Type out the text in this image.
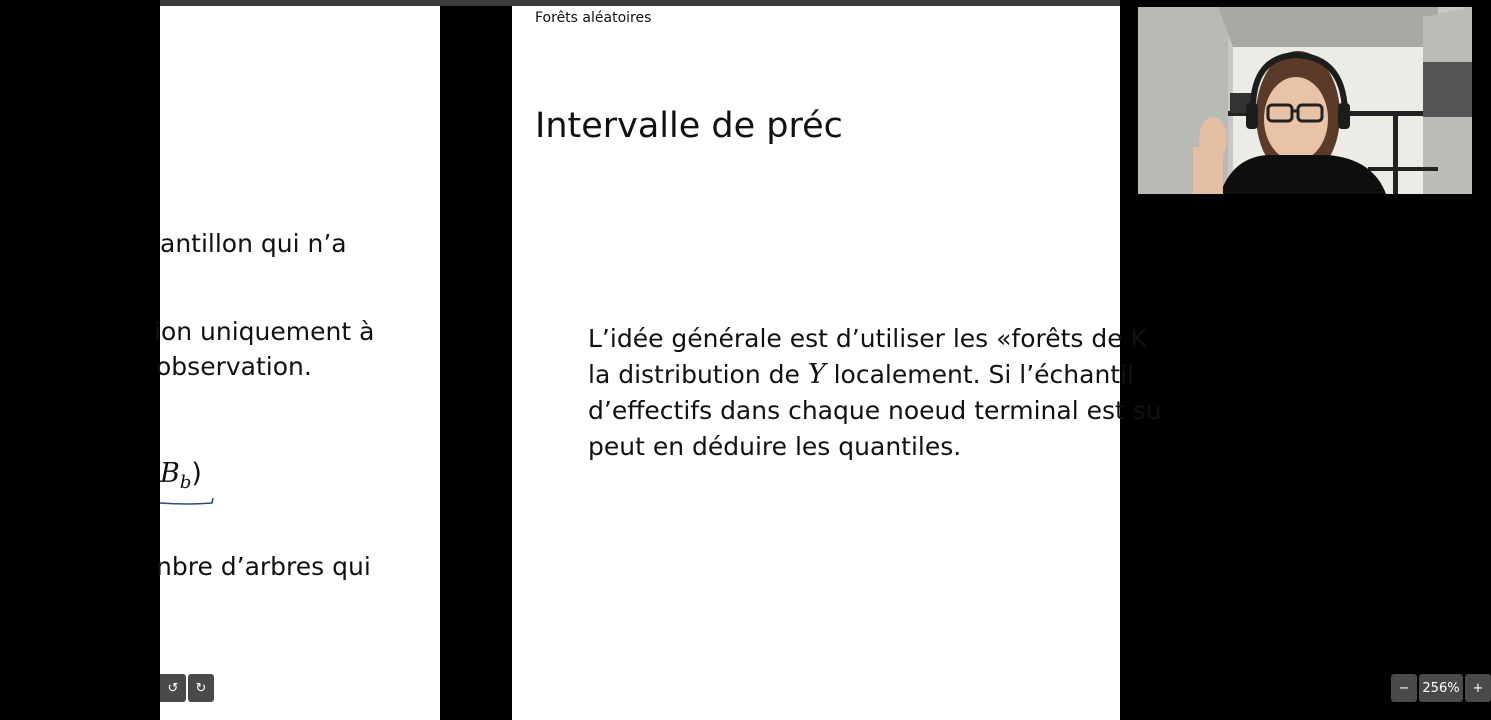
antillon qui n’a
ion uniquement à
observation.
$B_b$)
nbre d’arbres qui
↺ ↻
Forêts aléatoires
Intervalle de préc
L’idée générale est d’utiliser les «forêts de K
la distribution de Y localement. Si l’échantil
d’effectifs dans chaque noeud terminal est su
peut en déduire les quantiles.
− 256% +
